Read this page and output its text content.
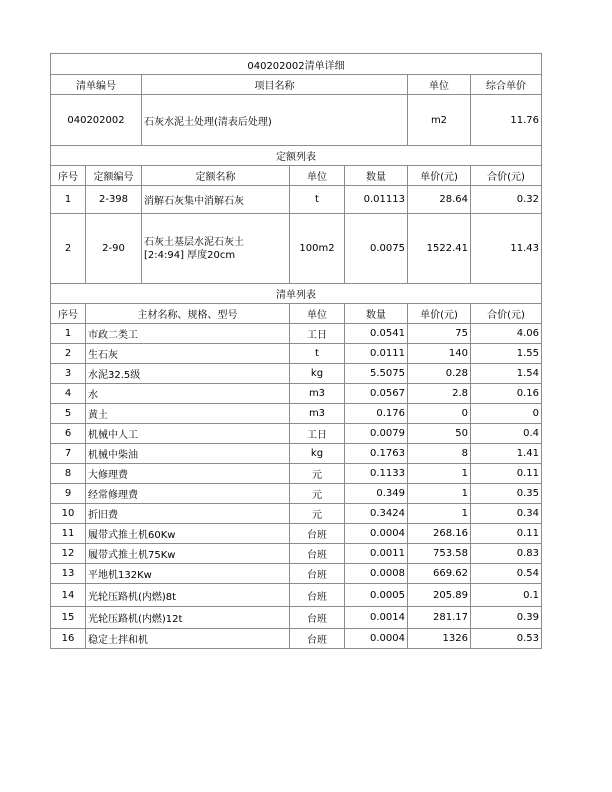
040202002清单详细						
清单编号		项目名称			单位	综合单价
040202002		石灰水泥土处理(清表后处理)			m2	11.76
定额列表						
序号	定额编号	定额名称	单位	数量	单价(元)	合价(元)
1	2-398	消解石灰集中消解石灰	t	0.01113	28.64	0.32
2	2-90	石灰土基层水泥石灰土
[2:4:94] 厚度20cm	100m2	0.0075	1522.41	11.43
清单列表						
序号	主材名称、规格、型号		单位	数量	单价(元)	合价(元)
1	市政二类工		工日	0.0541	75	4.06
2	生石灰		t	0.0111	140	1.55
3	水泥32.5级		kg	5.5075	0.28	1.54
4	水		m3	0.0567	2.8	0.16
5	黄土		m3	0.176	0	0
6	机械中人工		工日	0.0079	50	0.4
7	机械中柴油		kg	0.1763	8	1.41
8	大修理费		元	0.1133	1	0.11
9	经常修理费		元	0.349	1	0.35
10	折旧费		元	0.3424	1	0.34
11	履带式推土机60Kw		台班	0.0004	268.16	0.11
12	履带式推土机75Kw		台班	0.0011	753.58	0.83
13	平地机132Kw		台班	0.0008	669.62	0.54
14	光轮压路机(内燃)8t		台班	0.0005	205.89	0.1
15	光轮压路机(内燃)12t		台班	0.0014	281.17	0.39
16	稳定土拌和机		台班	0.0004	1326	0.53
